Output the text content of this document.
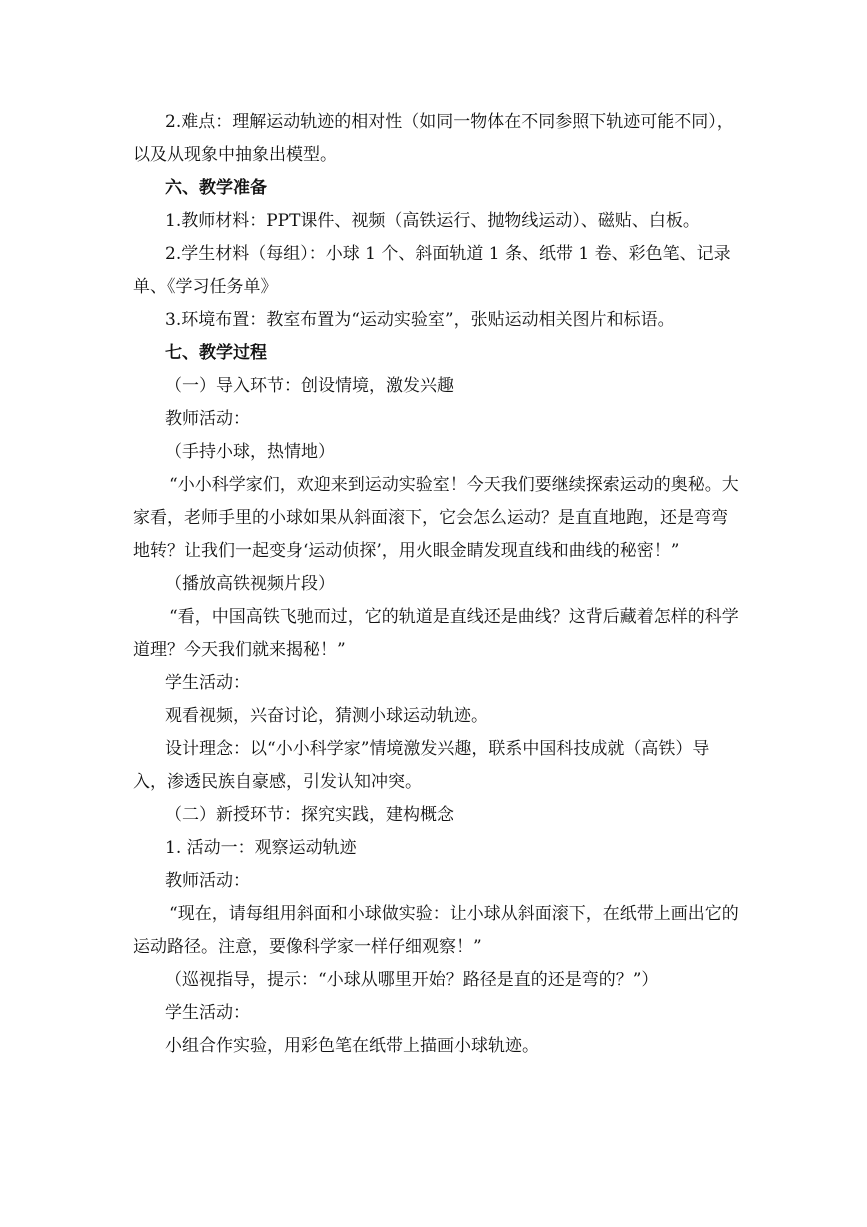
2.难点：理解运动轨迹的相对性（如同一物体在不同参照下轨迹可能不同），以及从现象中抽象出模型。

六、教学准备

1.教师材料：PPT课件、视频（高铁运行、抛物线运动）、磁贴、白板。

2.学生材料（每组）：小球 1 个、斜面轨道 1 条、纸带 1 卷、彩色笔、记录单、《学习任务单》

3.环境布置：教室布置为“运动实验室”，张贴运动相关图片和标语。

七、教学过程

（一）导入环节：创设情境，激发兴趣

教师活动：

（手持小球，热情地）

“小小科学家们，欢迎来到运动实验室！今天我们要继续探索运动的奥秘。大家看，老师手里的小球如果从斜面滚下，它会怎么运动？是直直地跑，还是弯弯地转？让我们一起变身‘运动侦探’，用火眼金睛发现直线和曲线的秘密！”

（播放高铁视频片段）

“看，中国高铁飞驰而过，它的轨道是直线还是曲线？这背后藏着怎样的科学道理？今天我们就来揭秘！”

学生活动：

观看视频，兴奋讨论，猜测小球运动轨迹。

设计理念：以“小小科学家”情境激发兴趣，联系中国科技成就（高铁）导入，渗透民族自豪感，引发认知冲突。

（二）新授环节：探究实践，建构概念

1. 活动一：观察运动轨迹

教师活动：

“现在，请每组用斜面和小球做实验：让小球从斜面滚下，在纸带上画出它的运动路径。注意，要像科学家一样仔细观察！”

（巡视指导，提示：“小球从哪里开始？路径是直的还是弯的？”）

学生活动：

小组合作实验，用彩色笔在纸带上描画小球轨迹。
